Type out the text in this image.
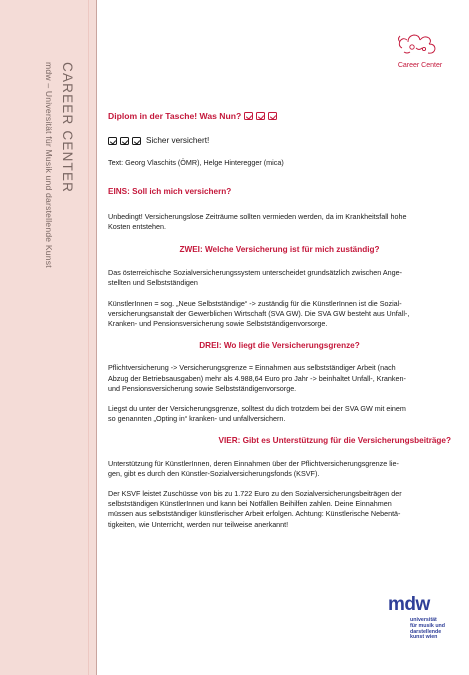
CAREER CENTER
mdw – Universität für Musik und darstellende Kunst	Career Center
Diplom in der Tasche! Was Nun?
Sicher versichert!
Text: Georg Vlaschits (ÖMR), Helge Hinteregger (mica)
EINS: Soll ich mich versichern?
Unbedingt! Versicherungslose Zeiträume sollten vermieden werden, da im Krankheitsfall hohe
Kosten entstehen.
ZWEI: Welche Versicherung ist für mich zuständig?
Das österreichische Sozialversicherungssystem unterscheidet grundsätzlich zwischen Ange-
stellten und Selbstständigen
KünstlerInnen = sog. „Neue Selbstständige“ -> zuständig für die KünstlerInnen ist die Sozial-
versicherungsanstalt der Gewerblichen Wirtschaft (SVA GW). Die SVA GW besteht aus Unfall-,
Kranken- und Pensionsversicherung sowie Selbstständigenvorsorge.
DREI: Wo liegt die Versicherungsgrenze?
Pflichtversicherung -> Versicherungsgrenze = Einnahmen aus selbstständiger Arbeit (nach
Abzug der Betriebsausgaben) mehr als 4.988,64 Euro pro Jahr -> beinhaltet Unfall-, Kranken-
und Pensionsversicherung sowie Selbstständigenvorsorge.
Liegst du unter der Versicherungsgrenze, solltest du dich trotzdem bei der SVA GW mit einem
so genannten „Opting in“ kranken- und unfallversichern.
VIER: Gibt es Unterstützung für die Versicherungsbeiträge?
Unterstützung für KünstlerInnen, deren Einnahmen über der Pflichtversicherungsgrenze lie-
gen, gibt es durch den Künstler-Sozialversicherungsfonds (KSVF).
Der KSVF leistet Zuschüsse von bis zu 1.722 Euro zu den Sozialversicherungsbeiträgen der
selbstständigen KünstlerInnen und kann bei Notfällen Beihilfen zahlen. Deine Einnahmen
müssen aus selbstständiger künstlerischer Arbeit erfolgen. Achtung: Künstlerische Nebentä-
tigkeiten, wie Unterricht, werden nur teilweise anerkannt!
mdw
universität
für musik und
darstellende
kunst wien
